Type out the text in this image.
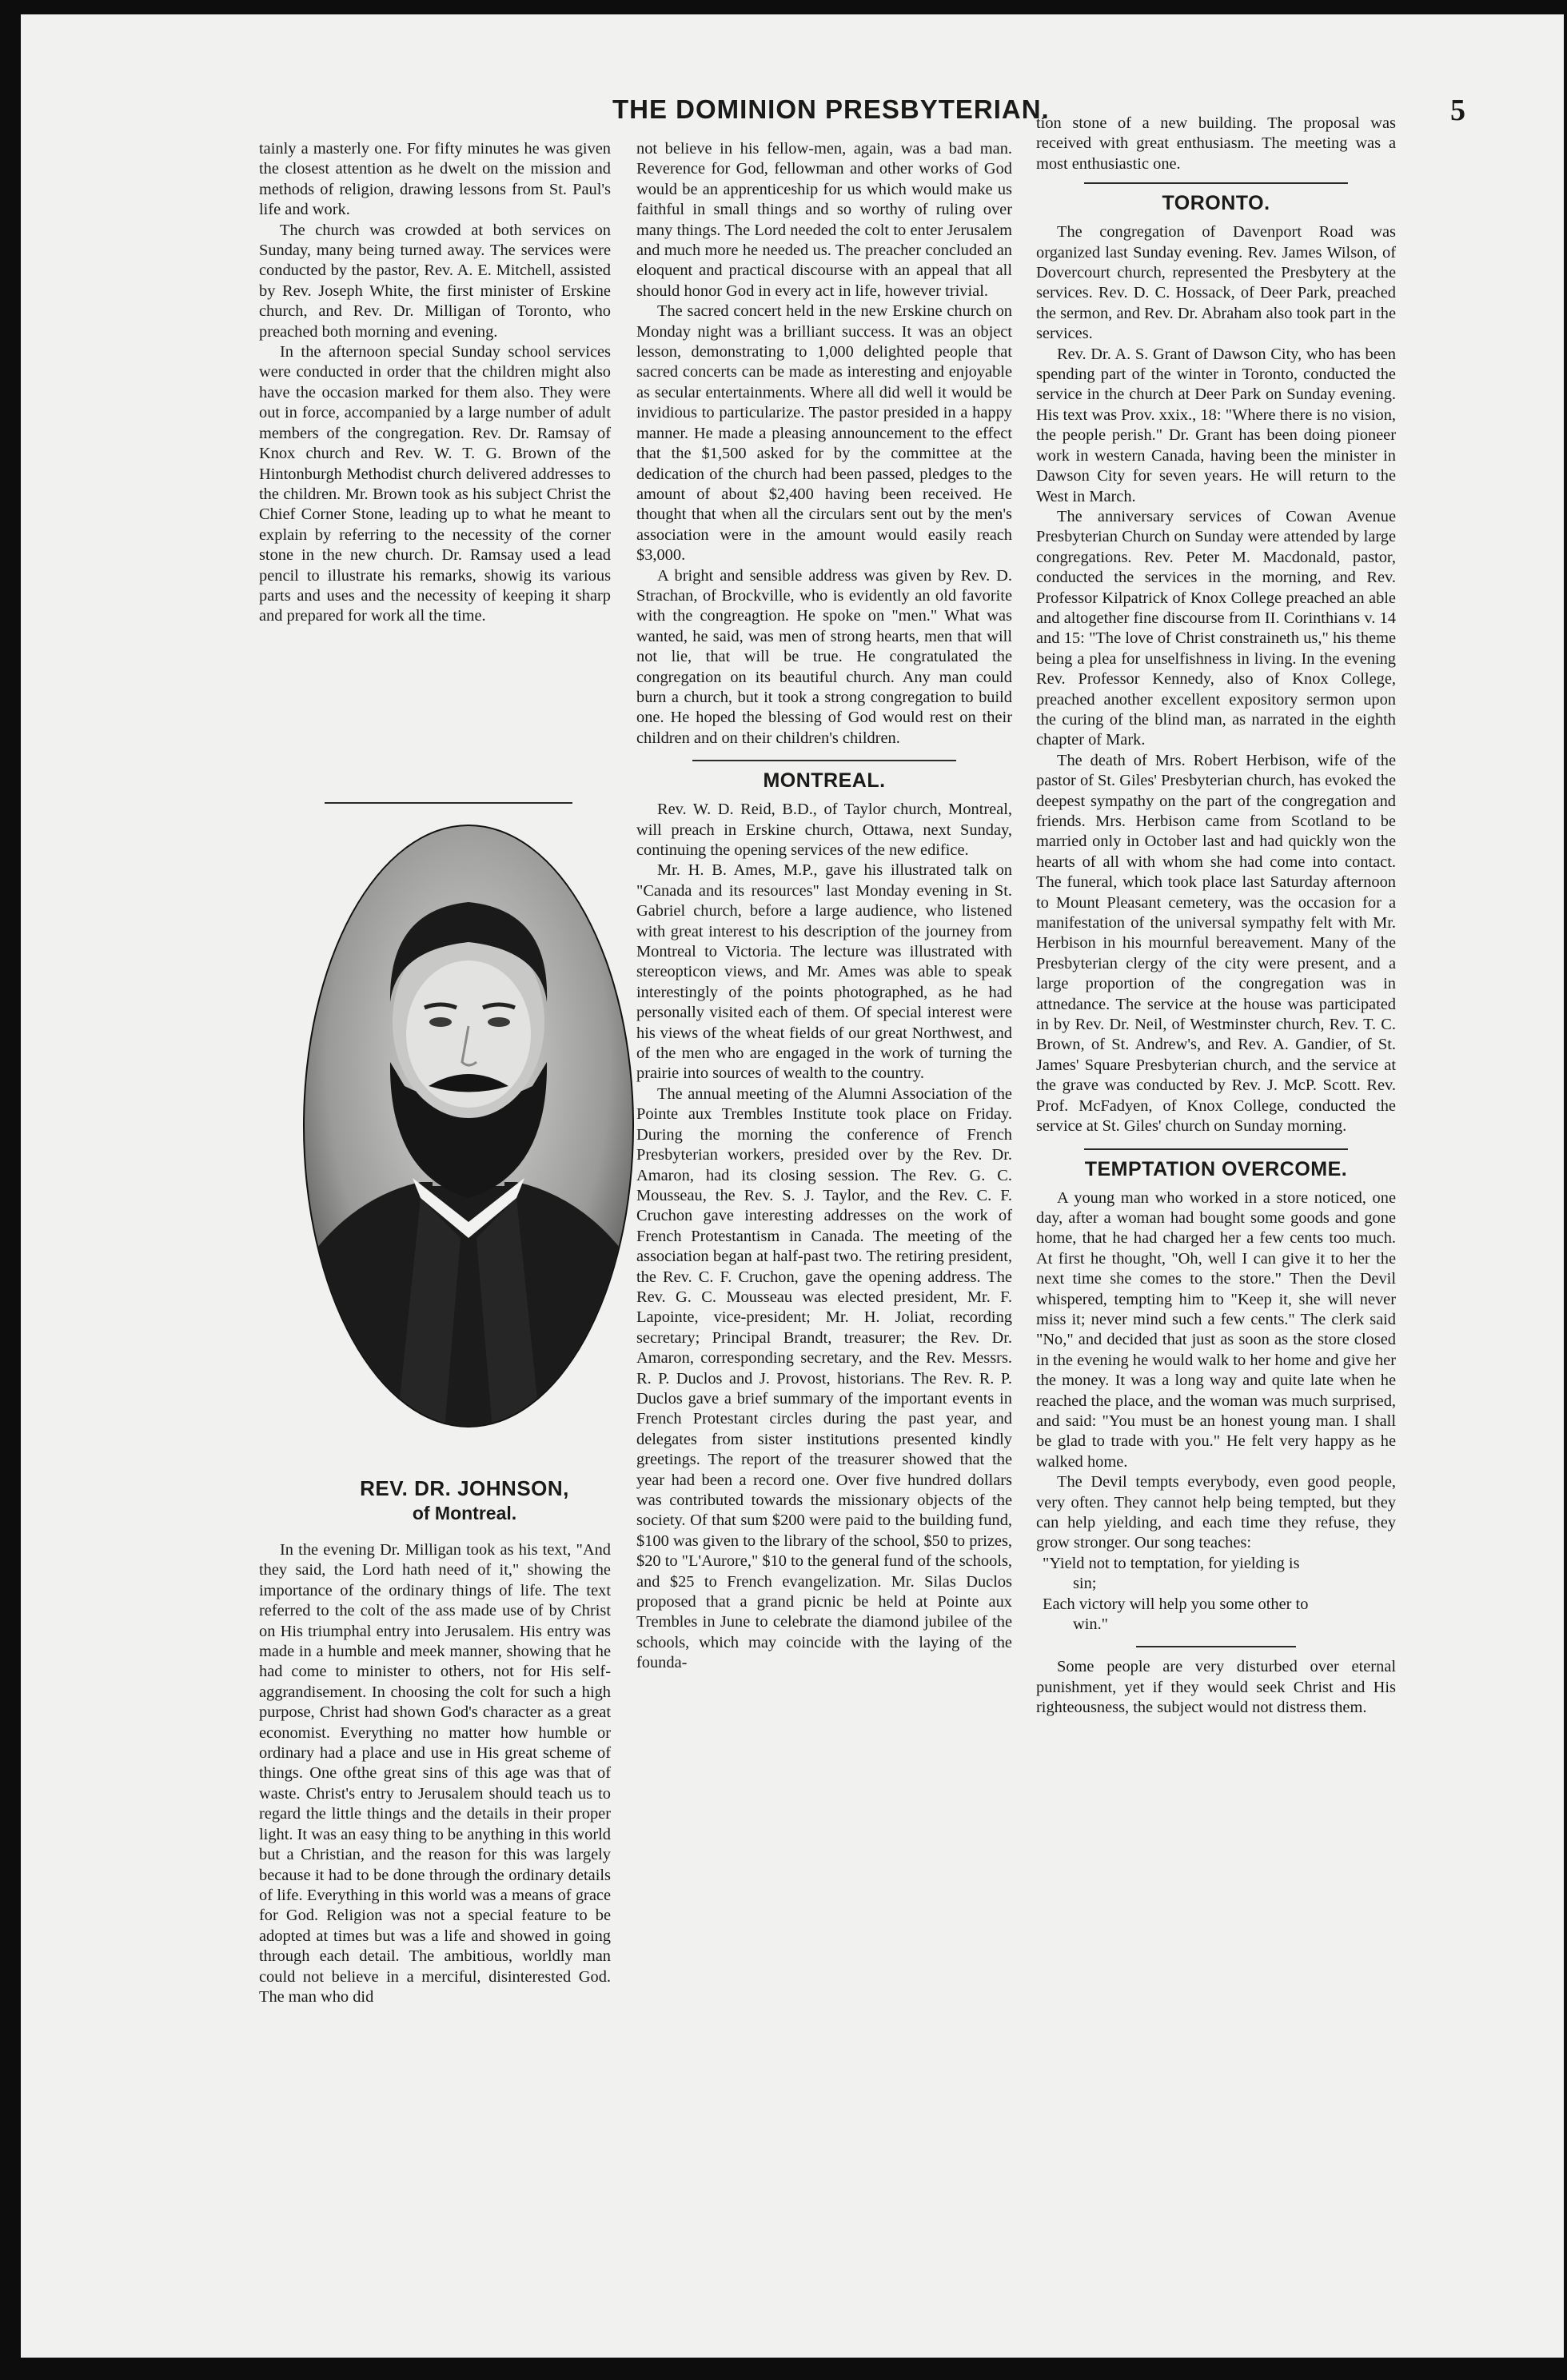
THE DOMINION PRESBYTERIAN.	5

tainly a masterly one. For fifty minutes he was given the closest attention as he dwelt on the mission and methods of religion, drawing lessons from St. Paul's life and work.

The church was crowded at both services on Sunday, many being turned away. The services were conducted by the pastor, Rev. A. E. Mitchell, assisted by Rev. Joseph White, the first minister of Erskine church, and Rev. Dr. Milligan of Toronto, who preached both morning and evening.

In the afternoon special Sunday school services were conducted in order that the children might also have the occasion marked for them also. They were out in force, accompanied by a large number of adult members of the congregation. Rev. Dr. Ramsay of Knox church and Rev. W. T. G. Brown of the Hintonburgh Methodist church delivered addresses to the children. Mr. Brown took as his subject Christ the Chief Corner Stone, leading up to what he meant to explain by referring to the necessity of the corner stone in the new church. Dr. Ramsay used a lead pencil to illustrate his remarks, showig its various parts and uses and the necessity of keeping it sharp and prepared for work all the time.

REV. DR. JOHNSON,
of Montreal.

In the evening Dr. Milligan took as his text, "And they said, the Lord hath need of it," showing the importance of the ordinary things of life. The text referred to the colt of the ass made use of by Christ on His triumphal entry into Jerusalem. His entry was made in a humble and meek manner, showing that he had come to minister to others, not for His self-aggrandisement. In choosing the colt for such a high purpose, Christ had shown God's character as a great economist. Everything no matter how humble or ordinary had a place and use in His great scheme of things. One ofthe great sins of this age was that of waste. Christ's entry to Jerusalem should teach us to regard the little things and the details in their proper light. It was an easy thing to be anything in this world but a Christian, and the reason for this was largely because it had to be done through the ordinary details of life. Everything in this world was a means of grace for God. Religion was not a special feature to be adopted at times but was a life and showed in going through each detail. The ambitious, worldly man could not believe in a merciful, disinterested God. The man who did

not believe in his fellow-men, again, was a bad man. Reverence for God, fellowman and other works of God would be an apprenticeship for us which would make us faithful in small things and so worthy of ruling over many things. The Lord needed the colt to enter Jerusalem and much more he needed us. The preacher concluded an eloquent and practical discourse with an appeal that all should honor God in every act in life, however trivial.

The sacred concert held in the new Erskine church on Monday night was a brilliant success. It was an object lesson, demonstrating to 1,000 delighted people that sacred concerts can be made as interesting and enjoyable as secular entertainments. Where all did well it would be invidious to particularize. The pastor presided in a happy manner. He made a pleasing announcement to the effect that the $1,500 asked for by the committee at the dedication of the church had been passed, pledges to the amount of about $2,400 having been received. He thought that when all the circulars sent out by the men's association were in the amount would easily reach $3,000.

A bright and sensible address was given by Rev. D. Strachan, of Brockville, who is evidently an old favorite with the congreagtion. He spoke on "men." What was wanted, he said, was men of strong hearts, men that will not lie, that will be true. He congratulated the congregation on its beautiful church. Any man could burn a church, but it took a strong congregation to build one. He hoped the blessing of God would rest on their children and on their children's children.

MONTREAL.

Rev. W. D. Reid, B.D., of Taylor church, Montreal, will preach in Erskine church, Ottawa, next Sunday, continuing the opening services of the new edifice.

Mr. H. B. Ames, M.P., gave his illustrated talk on "Canada and its resources" last Monday evening in St. Gabriel church, before a large audience, who listened with great interest to his description of the journey from Montreal to Victoria. The lecture was illustrated with stereopticon views, and Mr. Ames was able to speak interestingly of the points photographed, as he had personally visited each of them. Of special interest were his views of the wheat fields of our great Northwest, and of the men who are engaged in the work of turning the prairie into sources of wealth to the country.

The annual meeting of the Alumni Association of the Pointe aux Trembles Institute took place on Friday. During the morning the conference of French Presbyterian workers, presided over by the Rev. Dr. Amaron, had its closing session. The Rev. G. C. Mousseau, the Rev. S. J. Taylor, and the Rev. C. F. Cruchon gave interesting addresses on the work of French Protestantism in Canada. The meeting of the association began at half-past two. The retiring president, the Rev. C. F. Cruchon, gave the opening address. The Rev. G. C. Mousseau was elected president, Mr. F. Lapointe, vice-president; Mr. H. Joliat, recording secretary; Principal Brandt, treasurer; the Rev. Dr. Amaron, corresponding secretary, and the Rev. Messrs. R. P. Duclos and J. Provost, historians. The Rev. R. P. Duclos gave a brief summary of the important events in French Protestant circles during the past year, and delegates from sister institutions presented kindly greetings. The report of the treasurer showed that the year had been a record one. Over five hundred dollars was contributed towards the missionary objects of the society. Of that sum $200 were paid to the building fund, $100 was given to the library of the school, $50 to prizes, $20 to "L'Aurore," $10 to the general fund of the schools, and $25 to French evangelization. Mr. Silas Duclos proposed that a grand picnic be held at Pointe aux Trembles in June to celebrate the diamond jubilee of the schools, which may coincide with the laying of the founda-

tion stone of a new building. The proposal was received with great enthusiasm. The meeting was a most enthusiastic one.

TORONTO.

The congregation of Davenport Road was organized last Sunday evening. Rev. James Wilson, of Dovercourt church, represented the Presbytery at the services. Rev. D. C. Hossack, of Deer Park, preached the sermon, and Rev. Dr. Abraham also took part in the services.

Rev. Dr. A. S. Grant of Dawson City, who has been spending part of the winter in Toronto, conducted the service in the church at Deer Park on Sunday evening. His text was Prov. xxix., 18: "Where there is no vision, the people perish." Dr. Grant has been doing pioneer work in western Canada, having been the minister in Dawson City for seven years. He will return to the West in March.

The anniversary services of Cowan Avenue Presbyterian Church on Sunday were attended by large congregations. Rev. Peter M. Macdonald, pastor, conducted the services in the morning, and Rev. Professor Kilpatrick of Knox College preached an able and altogether fine discourse from II. Corinthians v. 14 and 15: "The love of Christ constraineth us," his theme being a plea for unselfishness in living. In the evening Rev. Professor Kennedy, also of Knox College, preached another excellent expository sermon upon the curing of the blind man, as narrated in the eighth chapter of Mark.

The death of Mrs. Robert Herbison, wife of the pastor of St. Giles' Presbyterian church, has evoked the deepest sympathy on the part of the congregation and friends. Mrs. Herbison came from Scotland to be married only in October last and had quickly won the hearts of all with whom she had come into contact. The funeral, which took place last Saturday afternoon to Mount Pleasant cemetery, was the occasion for a manifestation of the universal sympathy felt with Mr. Herbison in his mournful bereavement. Many of the Presbyterian clergy of the city were present, and a large proportion of the congregation was in attnedance. The service at the house was participated in by Rev. Dr. Neil, of Westminster church, Rev. T. C. Brown, of St. Andrew's, and Rev. A. Gandier, of St. James' Square Presbyterian church, and the service at the grave was conducted by Rev. J. McP. Scott. Rev. Prof. McFadyen, of Knox College, conducted the service at St. Giles' church on Sunday morning.

TEMPTATION OVERCOME.

A young man who worked in a store noticed, one day, after a woman had bought some goods and gone home, that he had charged her a few cents too much. At first he thought, "Oh, well I can give it to her the next time she comes to the store." Then the Devil whispered, tempting him to "Keep it, she will never miss it; never mind such a few cents." The clerk said "No," and decided that just as soon as the store closed in the evening he would walk to her home and give her the money. It was a long way and quite late when he reached the place, and the woman was much surprised, and said: "You must be an honest young man. I shall be glad to trade with you." He felt very happy as he walked home.

The Devil tempts everybody, even good people, very often. They cannot help being tempted, but they can help yielding, and each time they refuse, they grow stronger. Our song teaches:

"Yield not to temptation, for yielding is

sin;

Each victory will help you some other to

win."

Some people are very disturbed over eternal punishment, yet if they would seek Christ and His righteousness, the subject would not distress them.
